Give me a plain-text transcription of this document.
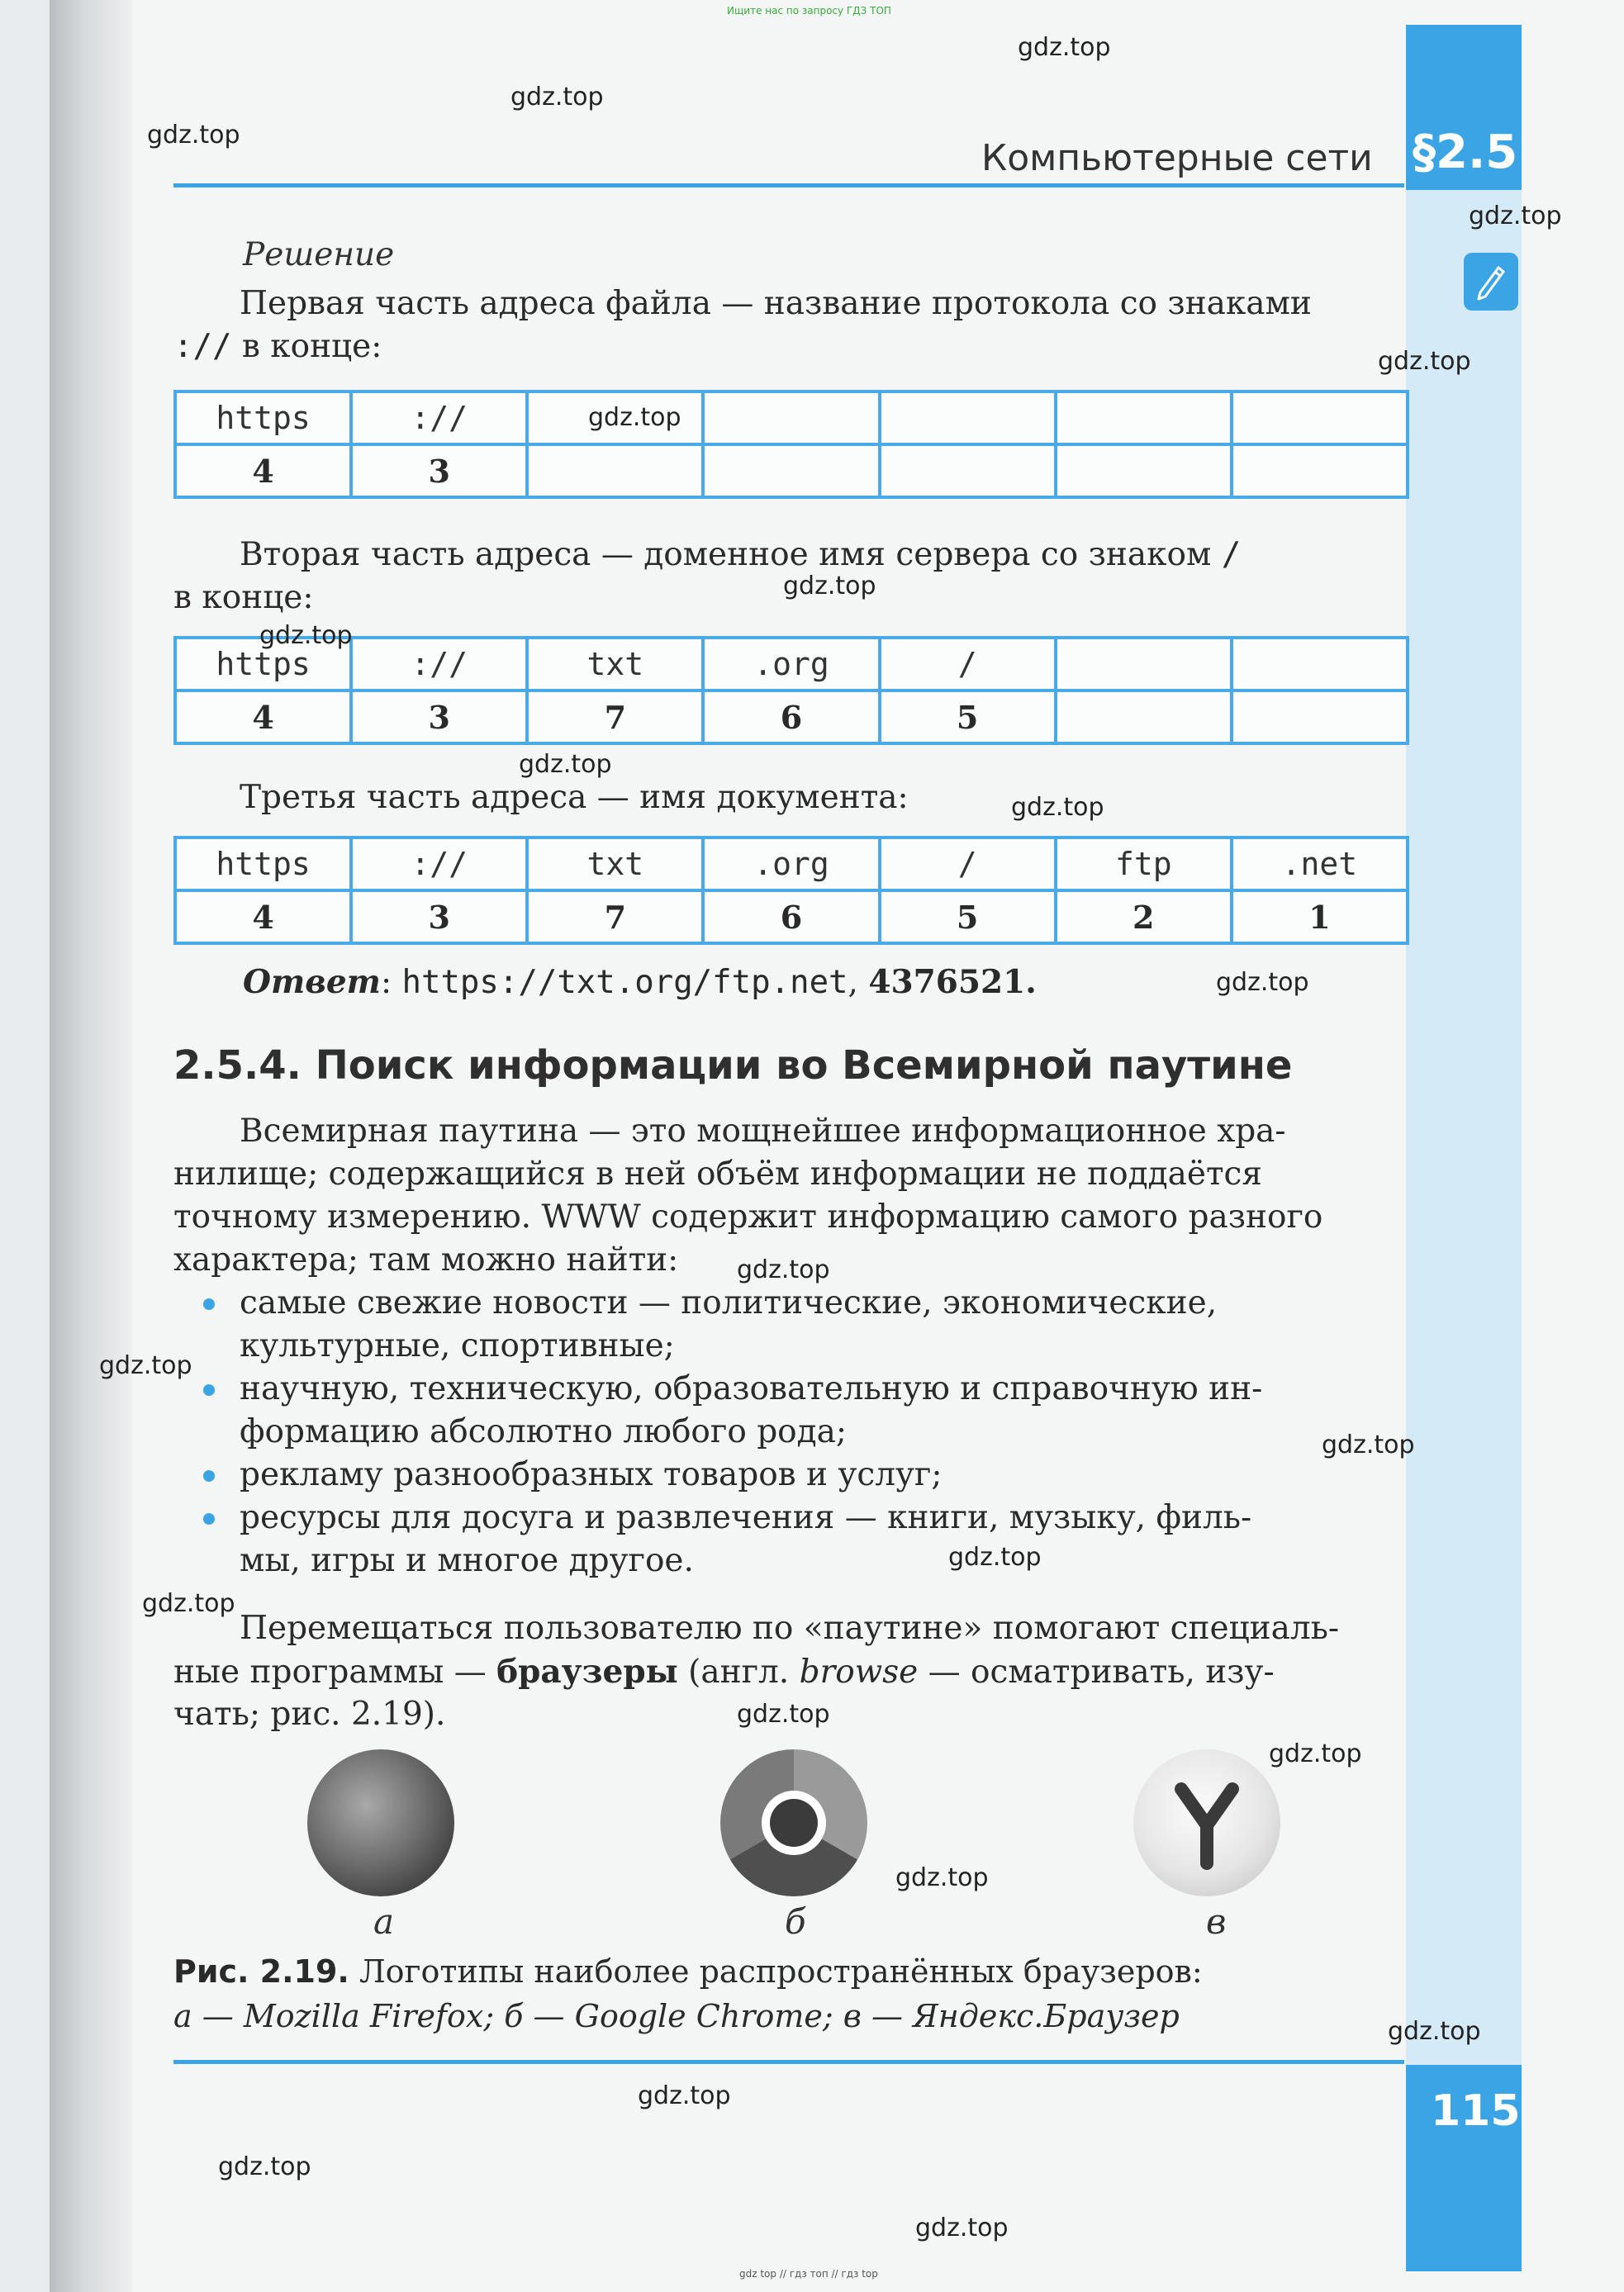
Ищите нас по запросу ГДЗ ТОП
§2.5
115
Компьютерные сети
Решение
Первая часть адреса файла — название протокола со знаками
:// в конце:
https	://					
4	3					
Вторая часть адреса — доменное имя сервера со знаком /
в конце:
https	://	txt	.org	/		
4	3	7	6	5		
Третья часть адреса — имя документа:
https	://	txt	.org	/	ftp	.net
4	3	7	6	5	2	1
Ответ: https://txt.org/ftp.net, 4376521.
2.5.4. Поиск информации во Всемирной паутине
Всемирная паутина — это мощнейшее информационное хра-
нилище; содержащийся в ней объём информации не поддаётся
точному измерению. WWW содержит информацию самого разного
характера; там можно найти:
самые свежие новости — политические, экономические,
культурные, спортивные;
научную, техническую, образовательную и справочную ин-
формацию абсолютно любого рода;
рекламу разнообразных товаров и услуг;
ресурсы для досуга и развлечения — книги, музыку, филь-
мы, игры и многое другое.
Перемещаться пользователю по «паутине» помогают специаль-
ные программы — браузеры (англ. browse — осматривать, изу-
чать; рис. 2.19).
а	б	в
Рис. 2.19. Логотипы наиболее распространённых браузеров:
а — Mozilla Firefox; б — Google Chrome; в — Яндекс.Браузер
gdz.top
gdz.top
gdz.top
gdz.top
gdz.top
gdz.top
gdz.top
gdz.top
gdz.top
gdz.top
gdz.top
gdz.top
gdz.top
gdz.top
gdz.top
gdz.top
gdz.top
gdz.top
gdz.top
gdz.top
gdz.top
gdz.top
gdz.top
gdz top // гдз топ // гдз top
